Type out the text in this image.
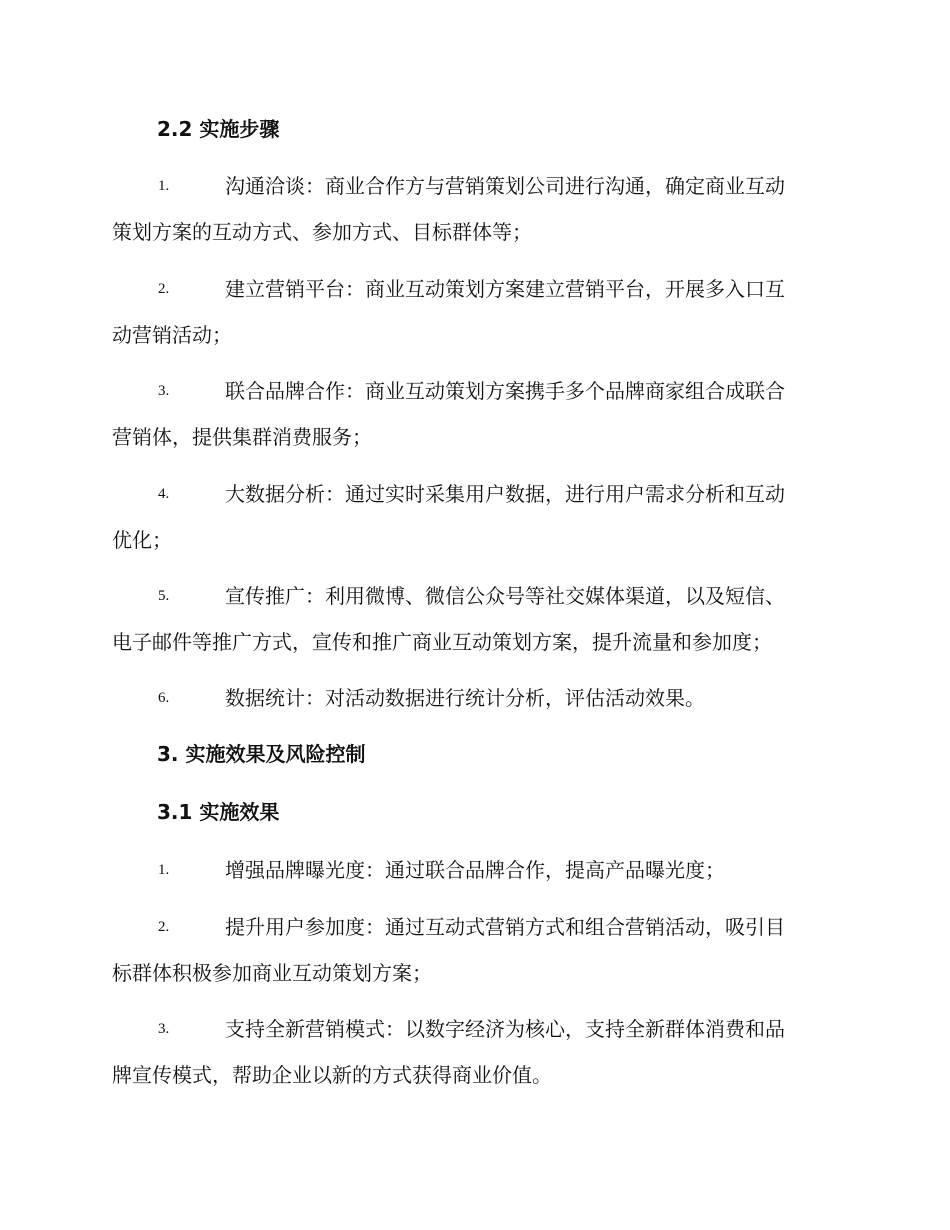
2.2 实施步骤
1.	沟通洽谈：商业合作方与营销策划公司进行沟通，确定商业互动
策划方案的互动方式、参加方式、目标群体等；
2.	建立营销平台：商业互动策划方案建立营销平台，开展多入口互
动营销活动；
3.	联合品牌合作：商业互动策划方案携手多个品牌商家组合成联合
营销体，提供集群消费服务；
4.	大数据分析：通过实时采集用户数据，进行用户需求分析和互动
优化；
5.	宣传推广：利用微博、微信公众号等社交媒体渠道，以及短信、
电子邮件等推广方式，宣传和推广商业互动策划方案，提升流量和参加度；
6.	数据统计：对活动数据进行统计分析，评估活动效果。
3. 实施效果及风险控制
3.1 实施效果
1.	增强品牌曝光度：通过联合品牌合作，提高产品曝光度；
2.	提升用户参加度：通过互动式营销方式和组合营销活动，吸引目
标群体积极参加商业互动策划方案；
3.	支持全新营销模式：以数字经济为核心，支持全新群体消费和品
牌宣传模式，帮助企业以新的方式获得商业价值。
